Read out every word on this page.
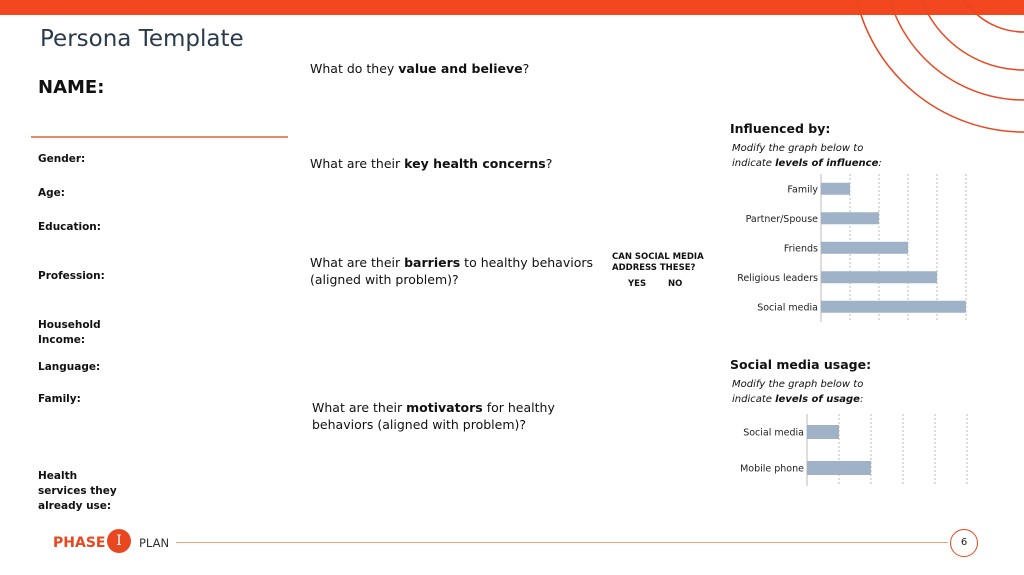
Persona Template
NAME:
Gender:
Age:
Education:
Profession:
Household Income:
Language:
Family:
Health services they already use:
What do they value and believe?
What are their key health concerns?
What are their barriers to healthy behaviors (aligned with problem)?
What are their motivators for healthy behaviors (aligned with problem)?
CAN SOCIAL MEDIA ADDRESS THESE?
YES	NO
Influenced by:
Modify the graph below to indicate levels of influence:
Family
Partner/Spouse
Friends
Religious leaders
Social media
Social media usage:
Modify the graph below to indicate levels of usage:
Social media
Mobile phone
PHASE I	PLAN	6
